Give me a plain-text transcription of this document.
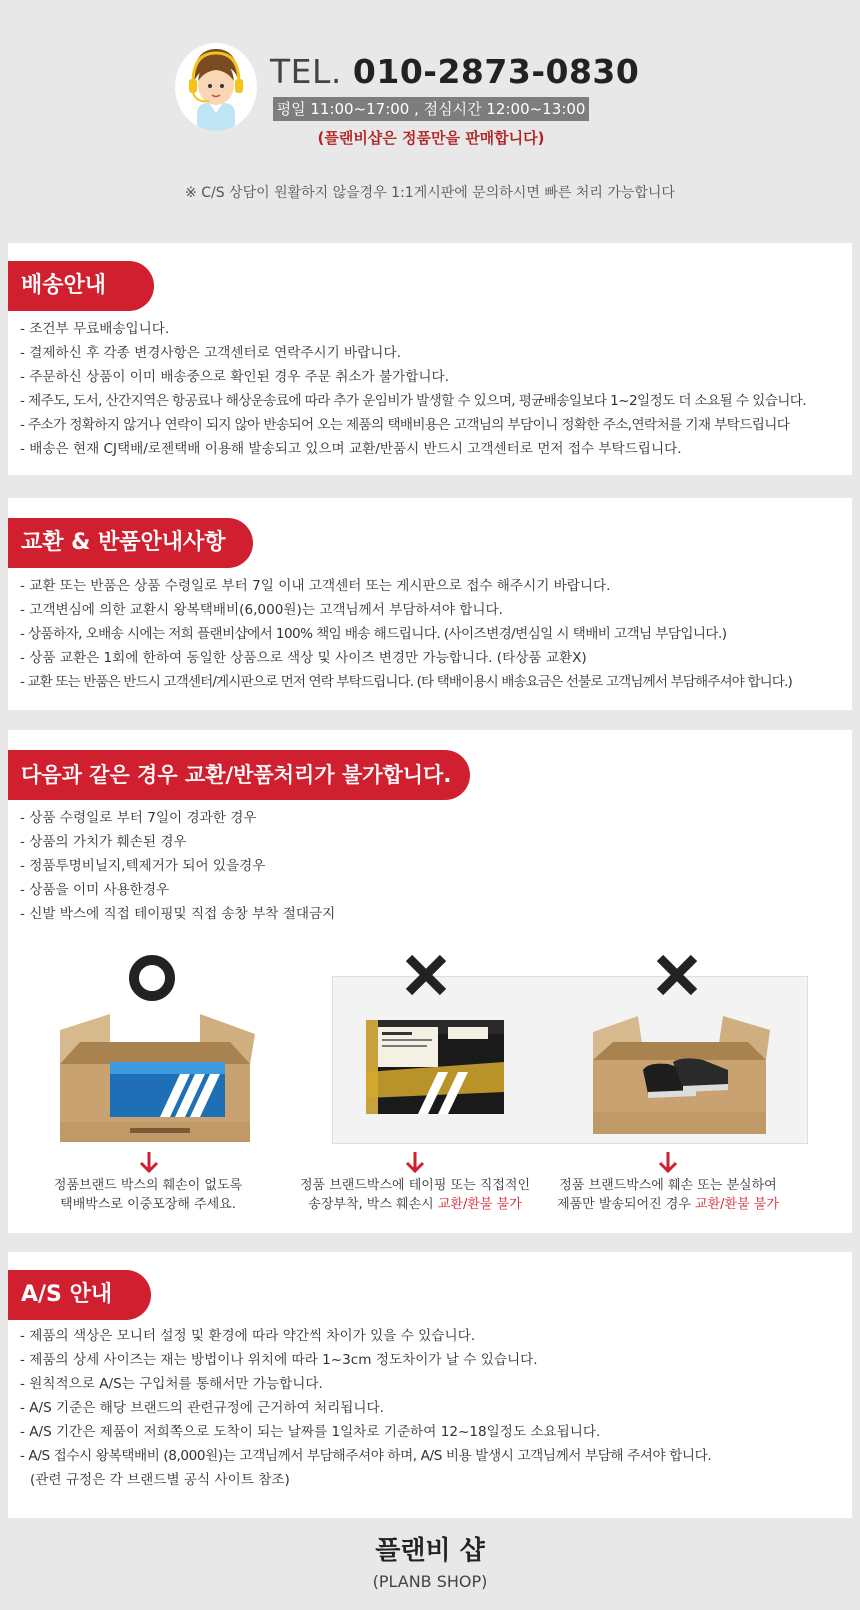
TEL. 010-2873-0830
평일 11:00~17:00 , 점심시간 12:00~13:00
(플랜비샵은 정품만을 판매합니다)
※ C/S 상담이 원활하지 않을경우 1:1게시판에 문의하시면 빠른 처리 가능합니다
배송안내
- 조건부 무료배송입니다.
- 결제하신 후 각종 변경사항은 고객센터로 연락주시기 바랍니다.
- 주문하신 상품이 이미 배송중으로 확인된 경우 주문 취소가 불가합니다.
- 제주도, 도서, 산간지역은 항공료나 해상운송료에 따라 추가 운임비가 발생할 수 있으며, 평균배송일보다 1~2일정도 더 소요될 수 있습니다.
- 주소가 정확하지 않거나 연락이 되지 않아 반송되어 오는 제품의 택배비용은 고객님의 부담이니 정확한 주소,연락처를 기재 부탁드립니다
- 배송은 현재 CJ택배/로젠택배 이용해 발송되고 있으며 교환/반품시 반드시 고객센터로 먼저 접수 부탁드립니다.
교환 & 반품안내사항
- 교환 또는 반품은 상품 수령일로 부터 7일 이내 고객센터 또는 게시판으로 접수 해주시기 바랍니다.
- 고객변심에 의한 교환시 왕복택배비(6,000원)는 고객님께서 부담하셔야 합니다.
- 상품하자, 오배송 시에는 저희 플랜비샵에서 100% 책임 배송 해드립니다. (사이즈변경/변심일 시 택배비 고객님 부담입니다.)
- 상품 교환은 1회에 한하여 동일한 상품으로 색상 및 사이즈 변경만 가능합니다. (타상품 교환X)
- 교환 또는 반품은 반드시 고객센터/게시판으로 먼저 연락 부탁드립니다. (타 택배이용시 배송요금은 선불로 고객님께서 부담해주셔야 합니다.)
다음과 같은 경우 교환/반품처리가 불가합니다.
- 상품 수령일로 부터 7일이 경과한 경우
- 상품의 가치가 훼손된 경우
- 정품투명비닐지,텍제거가 되어 있을경우
- 상품을 이미 사용한경우
- 신발 박스에 직접 테이핑및 직접 송창 부착 절대금지
정품브랜드 박스의 훼손이 없도록
택배박스로 이중포장해 주세요.
정품 브랜드박스에 테이핑 또는 직접적인
송장부착, 박스 훼손시 교환/환불 불가
정품 브랜드박스에 훼손 또는 분실하여
제품만 발송되어진 경우 교환/환불 불가
A/S 안내
- 제품의 색상은 모니터 설정 및 환경에 따라 약간씩 차이가 있을 수 있습니다.
- 제품의 상세 사이즈는 재는 방법이나 위치에 따라 1~3cm 정도차이가 날 수 있습니다.
- 원칙적으로 A/S는 구입처를 통해서만 가능합니다.
- A/S 기준은 해당 브랜드의 관련규정에 근거하여 처리됩니다.
- A/S 기간은 제품이 저희쪽으로 도착이 되는 날짜를 1일차로 기준하여 12~18일정도 소요됩니다.
- A/S 접수시 왕복택배비 (8,000원)는 고객님께서 부담해주셔야 하며, A/S 비용 발생시 고객님께서 부담해 주셔야 합니다.
(관련 규정은 각 브랜드별 공식 사이트 참조)
플랜비 샵
(PLANB SHOP)
